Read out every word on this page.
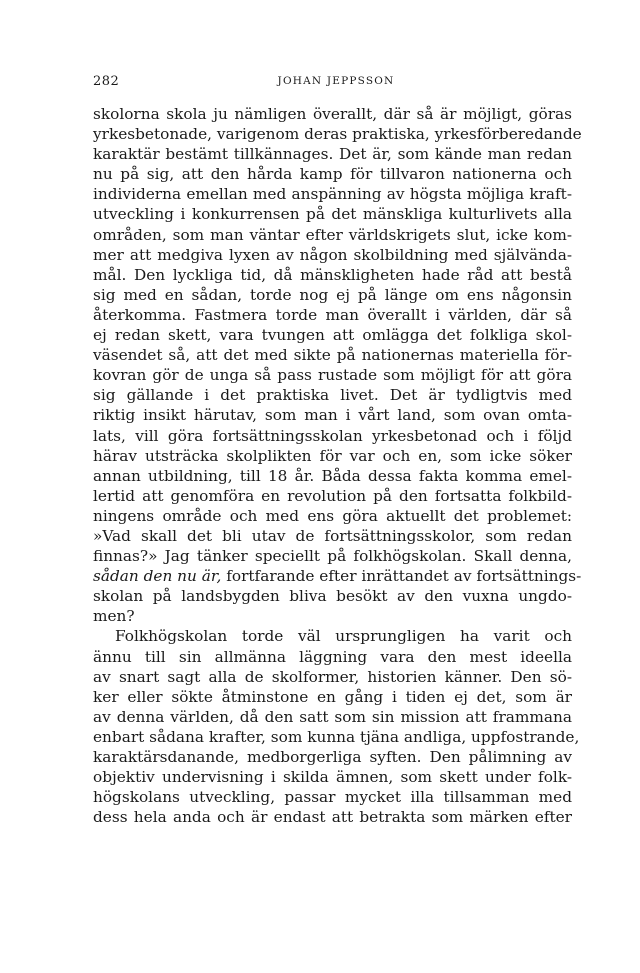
282	JOHAN JEPPSSON
skolorna skola ju nämligen överallt, där så är möjligt, göras
yrkesbetonade, varigenom deras praktiska, yrkesförberedande
karaktär bestämt tillkännages. Det är, som kände man redan
nu på sig, att den hårda kamp för tillvaron nationerna och
individerna emellan med anspänning av högsta möjliga kraft-
utveckling i konkurrensen på det mänskliga kulturlivets alla
områden, som man väntar efter världskrigets slut, icke kom-
mer att medgiva lyxen av någon skolbildning med självända-
mål. Den lyckliga tid, då mänskligheten hade råd att bestå
sig med en sådan, torde nog ej på länge om ens någonsin
återkomma. Fastmera torde man överallt i världen, där så
ej redan skett, vara tvungen att omlägga det folkliga skol-
väsendet så, att det med sikte på nationernas materiella för-
kovran gör de unga så pass rustade som möjligt för att göra
sig gällande i det praktiska livet. Det är tydligtvis med
riktig insikt härutav, som man i vårt land, som ovan omta-
lats, vill göra fortsättningsskolan yrkesbetonad och i följd
härav utsträcka skolplikten för var och en, som icke söker
annan utbildning, till 18 år. Båda dessa fakta komma emel-
lertid att genomföra en revolution på den fortsatta folkbild-
ningens område och med ens göra aktuellt det problemet:
»Vad skall det bli utav de fortsättningsskolor, som redan
finnas?» Jag tänker speciellt på folkhögskolan. Skall denna,
sådan den nu är, fortfarande efter inrättandet av fortsättnings-
skolan på landsbygden bliva besökt av den vuxna ungdo-
men?
Folkhögskolan torde väl ursprungligen ha varit och
ännu till sin allmänna läggning vara den mest ideella
av snart sagt alla de skolformer, historien känner. Den sö-
ker eller sökte åtminstone en gång i tiden ej det, som är
av denna världen, då den satt som sin mission att frammana
enbart sådana krafter, som kunna tjäna andliga, uppfostrande,
karaktärsdanande, medborgerliga syften. Den pålimning av
objektiv undervisning i skilda ämnen, som skett under folk-
högskolans utveckling, passar mycket illa tillsamman med
dess hela anda och är endast att betrakta som märken efter
